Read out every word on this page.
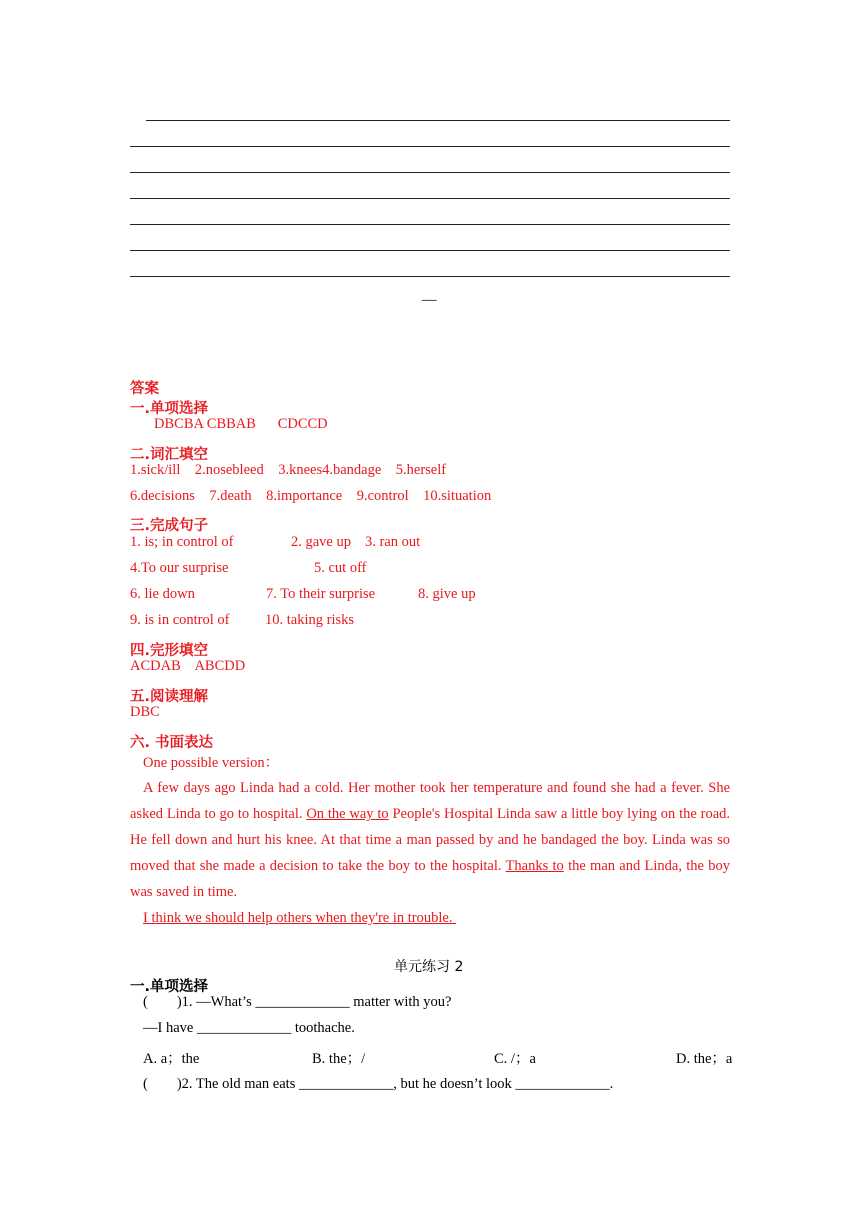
—
答案
一.单项选择
DBCBA CBBAB      CDCCD
二.词汇填空
1.sick/ill    2.nosebleed    3.knees4.bandage    5.herself
6.decisions    7.death    8.importance    9.control    10.situation
三.完成句子
1. is; in control of	2. gave up 3. ran out
4.To our surprise	5. cut off
6. lie down	7. To their surprise	8. give up
9. is in control of 10. taking risks
四.完形填空
ACDAB    ABCDD
五.阅读理解
DBC
六. 书面表达
One possible version：
A few days ago Linda had a cold. Her mother took her temperature and found she had a fever. She asked Linda to go to hospital. On the way to People's Hospital Linda saw a little boy lying on the road. He fell down and hurt his knee. At that time a man passed by and he bandaged the boy. Linda was so moved that she made a decision to take the boy to the hospital. Thanks to the man and Linda, the boy was saved in time.
I think we should help others when they're in trouble.
单元练习 2
一.单项选择
(        )1. —What’s _____________ matter with you?
—I have _____________ toothache.
A. a；the	B. the；/	C. /；a	D. the；a
(        )2. The old man eats _____________, but he doesn’t look _____________.
